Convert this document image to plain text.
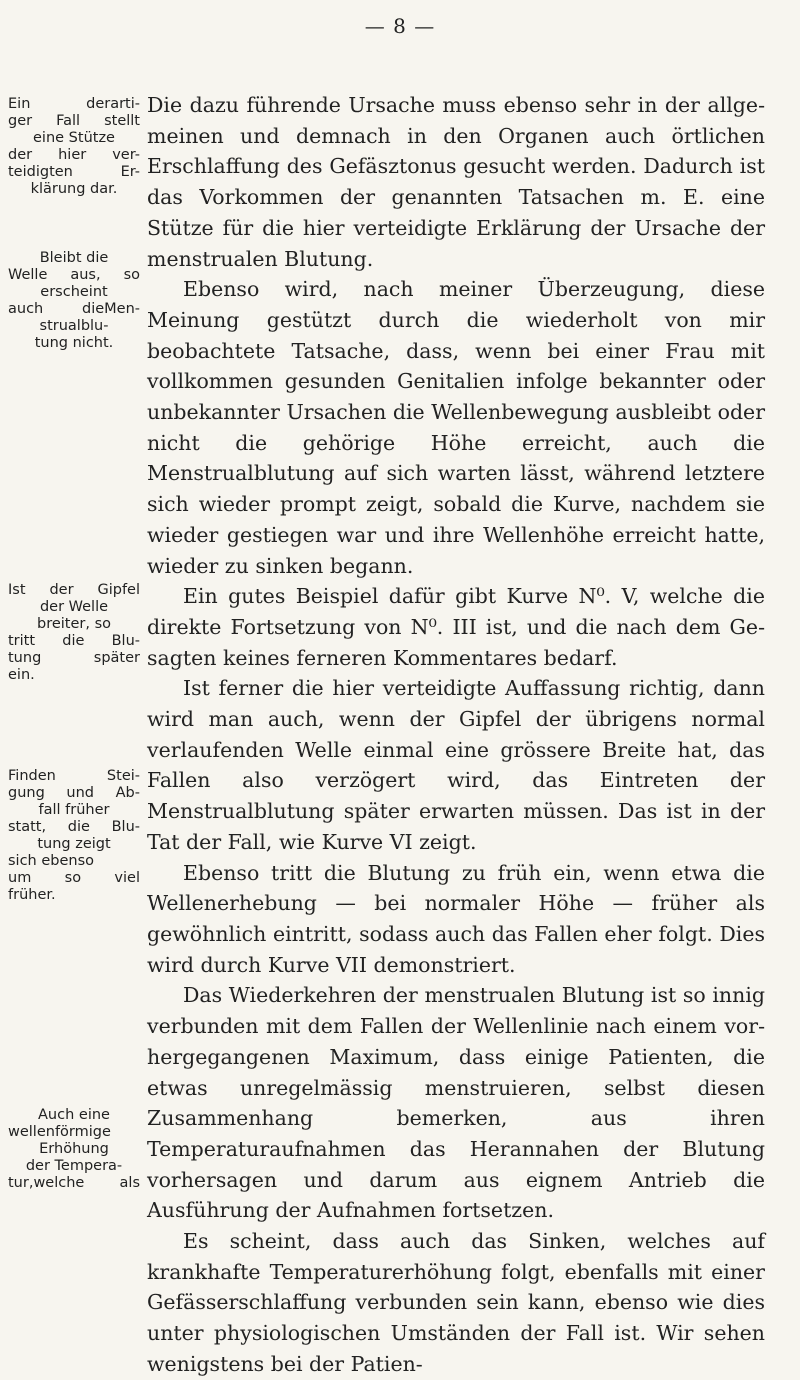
— 8 —

Die dazu führende Ursache muss ebenso sehr in der allgemeinen und demnach in den Organen auch örtlichen Erschlaffung des Gefäsztonus gesucht werden. Dadurch ist das Vorkommen der genannten Tatsachen m. E. eine Stütze für die hier verteidigte Erklärung der Ursache der menstrualen Blutung.

Ebenso wird, nach meiner Überzeugung, diese Meinung gestützt durch die wiederholt von mir beobachtete Tatsache, dass, wenn bei einer Frau mit vollkommen gesunden Genitalien infolge bekannter oder unbekannter Ursachen die Wellenbewegung ausbleibt oder nicht die gehörige Höhe erreicht, auch die Menstrualblutung auf sich warten lässt, während letztere sich wieder prompt zeigt, sobald die Kurve, nachdem sie wieder gestiegen war und ihre Wellenhöhe erreicht hatte, wieder zu sinken begann.

Ein gutes Beispiel dafür gibt Kurve N⁰. V, welche die direkte Fortsetzung von N⁰. III ist, und die nach dem Gesagten keines ferneren Kommentares bedarf.

Ist ferner die hier verteidigte Auffassung richtig, dann wird man auch, wenn der Gipfel der übrigens normal verlaufenden Welle einmal eine grössere Breite hat, das Fallen also verzögert wird, das Eintreten der Menstrualblutung später erwarten müssen. Das ist in der Tat der Fall, wie Kurve VI zeigt.

Ebenso tritt die Blutung zu früh ein, wenn etwa die Wellenerhebung — bei normaler Höhe — früher als gewöhnlich eintritt, sodass auch das Fallen eher folgt. Dies wird durch Kurve VII demonstriert.

Das Wiederkehren der menstrualen Blutung ist so innig verbunden mit dem Fallen der Wellenlinie nach einem vorhergegangenen Maximum, dass einige Patienten, die etwas unregelmässig menstruieren, selbst diesen Zusammenhang bemerken, aus ihren Temperaturaufnahmen das Herannahen der Blutung vorhersagen und darum aus eignem Antrieb die Ausführung der Aufnahmen fortsetzen.

Es scheint, dass auch das Sinken, welches auf krankhafte Temperaturerhöhung folgt, ebenfalls mit einer Gefässerschlaffung verbunden sein kann, ebenso wie dies unter physiologischen Umständen der Fall ist. Wir sehen wenigstens bei der Patien-

Ein derarti-
ger Fall stellt
eine Stütze
der hier ver-
teidigten Er-
klärung dar.
Bleibt die
Welle aus, so
erscheint
auch dieMen-
strualblu-
tung nicht.
Ist der Gipfel
der Welle
breiter, so
tritt die Blu-
tung später
ein.
Finden Stei-
gung und Ab-
fall früher
statt, die Blu-
tung zeigt
sich ebenso
um so viel
früher.
Auch eine
wellenförmige
Erhöhung
der Tempera-
tur,welche als
